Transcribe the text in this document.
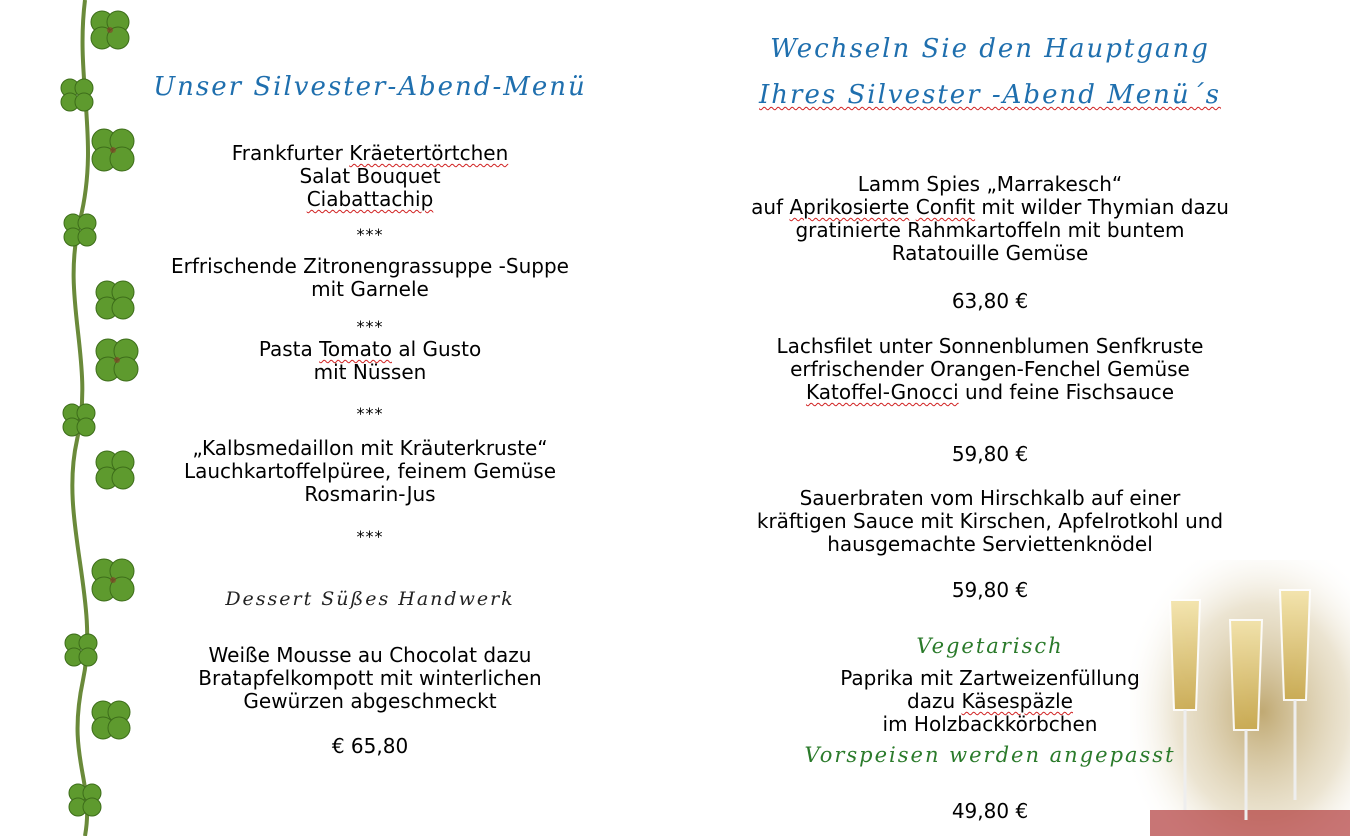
Unser Silvester-Abend-Menü
Frankfurter Kräetertörtchen
Salat Bouquet
Ciabattachip
***
Erfrischende Zitronengrassuppe -Suppe
mit Garnele
***
Pasta Tomato al Gusto
mit Nüssen
***
„Kalbsmedaillon mit Kräuterkruste“
Lauchkartoffelpüree, feinem Gemüse
Rosmarin-Jus
***
Dessert Süßes Handwerk
Weiße Mousse au Chocolat dazu
Bratapfelkompott mit winterlichen
Gewürzen abgeschmeckt
€ 65,80
Wechseln Sie den Hauptgang
Ihres Silvester -Abend Menü´s
Lamm Spies „Marrakesch“
auf Aprikosierte Confit mit wilder Thymian dazu
gratinierte Rahmkartoffeln mit buntem
Ratatouille Gemüse
63,80 €
Lachsfilet unter Sonnenblumen Senfkruste
erfrischender Orangen-Fenchel Gemüse
Katoffel-Gnocci und feine Fischsauce
59,80 €
Sauerbraten vom Hirschkalb auf einer
kräftigen Sauce mit Kirschen, Apfelrotkohl und
hausgemachte Serviettenknödel
59,80 €
Vegetarisch
Paprika mit Zartweizenfüllung
dazu Käsespäzle
im Holzbackkörbchen
Vorspeisen werden angepasst
49,80 €
